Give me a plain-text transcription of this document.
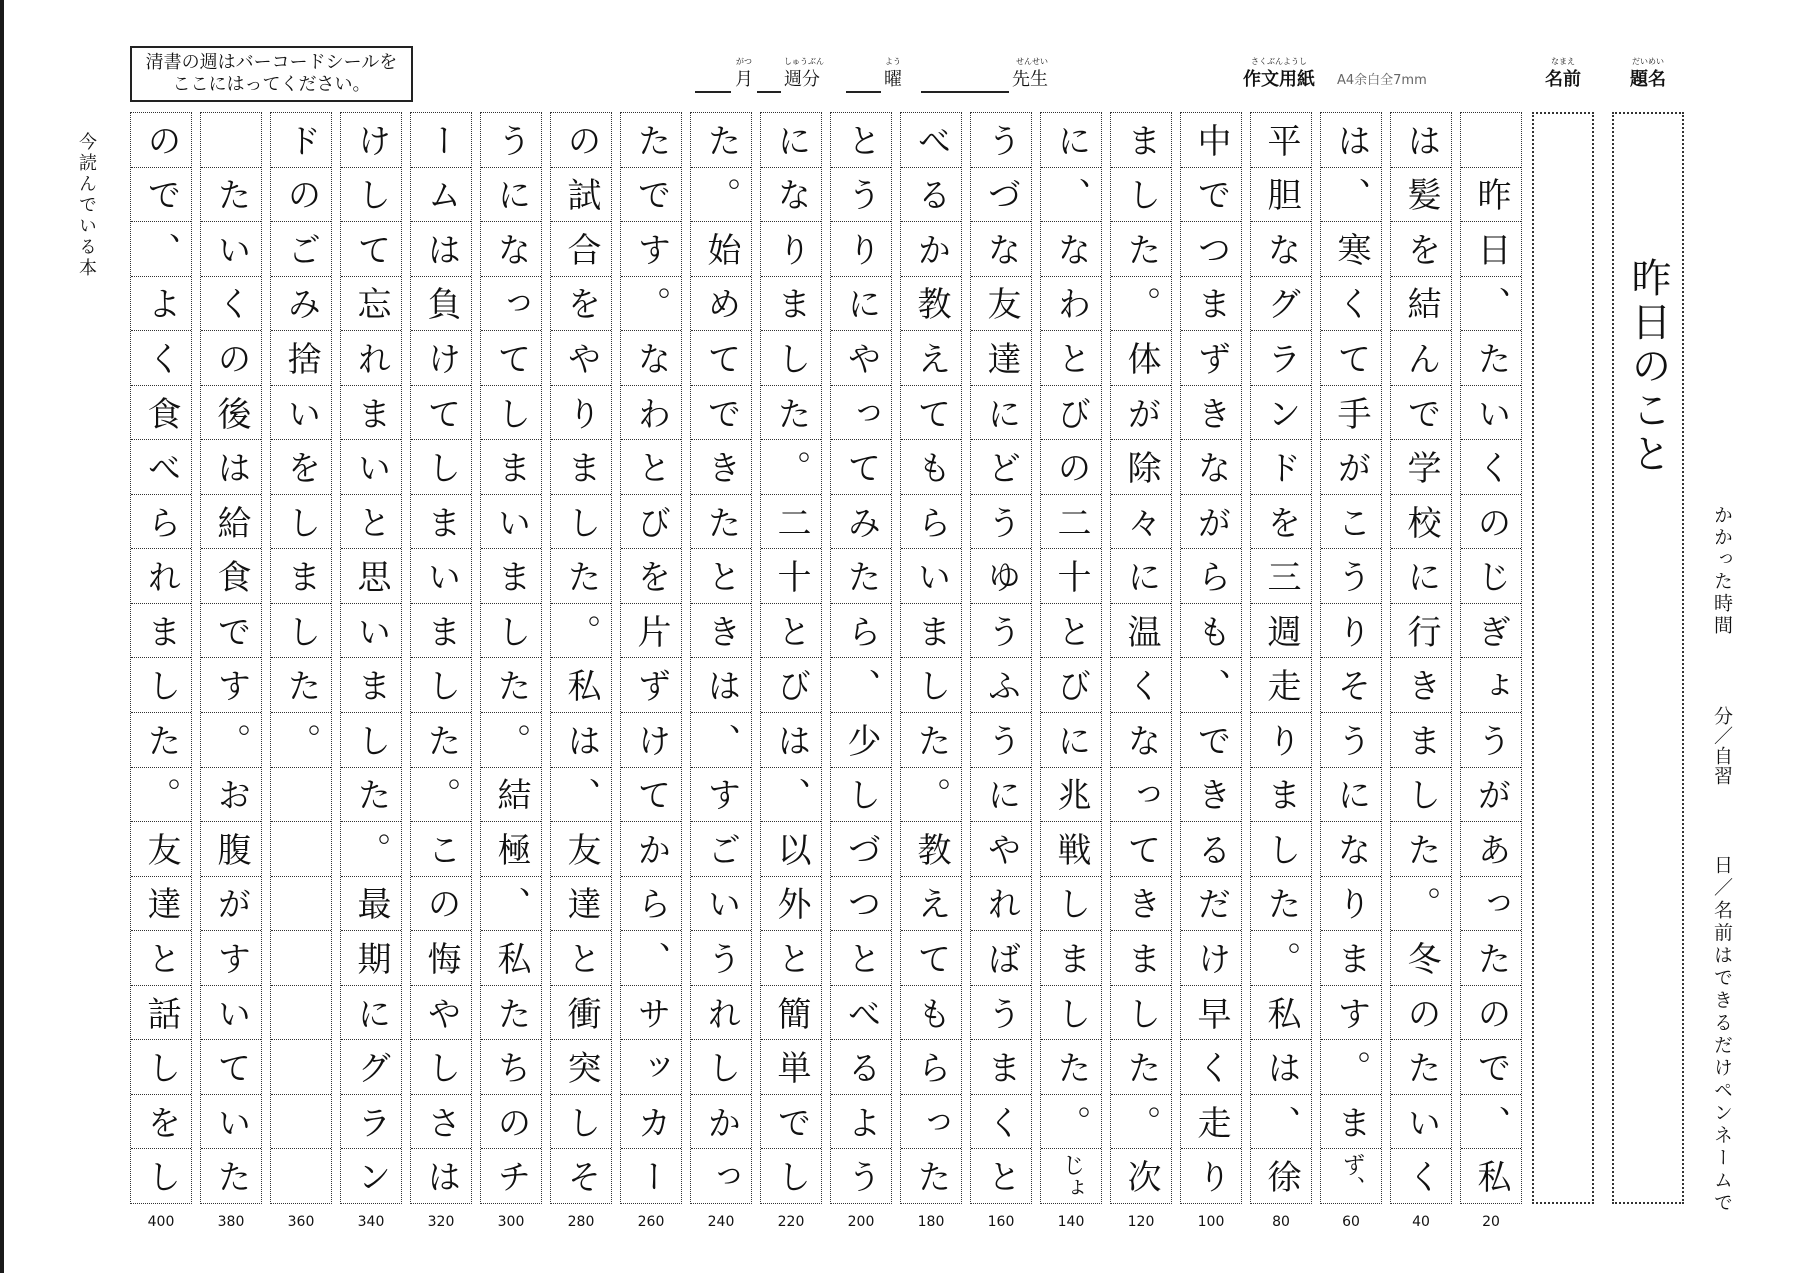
清書の週はバーコードシールを
ここにはってください。
がつ
月
しゅうぶん
週分
よう
曜
せんせい
先生
さくぶんようし
作文用紙 A4余白全7mm
なまえ
名前
だいめい
題名
今読んでいる本
かかった時間
分／自習
日／名前はできるだけペンネームで
昨
日
、
た
い
く
の
じ
ぎ
ょ
う
が
あ
っ
た
の
で
、
私
は
髪
を
結
ん
で
学
校
に
行
き
ま
し
た
。
冬
の
た
い
く
は
、
寒
く
て
手
が
こ
う
り
そ
う
に
な
り
ま
す
。
ま
ず、
平
胆
な
グ
ラ
ン
ド
を
三
週
走
り
ま
し
た
。
私
は
、
徐
中
で
つ
ま
ず
き
な
が
ら
も
、
で
き
る
だ
け
早
く
走
り
ま
し
た
。
体
が
除
々
に
温
く
な
っ
て
き
ま
し
た
。
次
に
、
な
わ
と
び
の
二
十
と
び
に
兆
戦
し
ま
し
た
。
じょ
う
づ
な
友
達
に
ど
う
ゆ
う
ふ
う
に
や
れ
ば
う
ま
く
と
べ
る
か
教
え
て
も
ら
い
ま
し
た
。
教
え
て
も
ら
っ
た
と
う
り
に
や
っ
て
み
た
ら
、
少
し
づ
つ
と
べ
る
よ
う
に
な
り
ま
し
た
。
二
十
と
び
は
、
以
外
と
簡
単
で
し
た
。
始
め
て
で
き
た
と
き
は
、
す
ご
い
う
れ
し
か
っ
た
で
す
。
な
わ
と
び
を
片
ず
け
て
か
ら
、
サ
ッ
カ
ー
の
試
合
を
や
り
ま
し
た
。
私
は
、
友
達
と
衝
突
し
そ
う
に
な
っ
て
し
ま
い
ま
し
た
。
結
極
、
私
た
ち
の
チ
ー
ム
は
負
け
て
し
ま
い
ま
し
た
。
こ
の
悔
や
し
さ
は
け
し
て
忘
れ
ま
い
と
思
い
ま
し
た
。
最
期
に
グ
ラ
ン
ド
の
ご
み
捨
い
を
し
ま
し
た
。
た
い
く
の
後
は
給
食
で
す
。
お
腹
が
す
い
て
い
た
の
で
、
よ
く
食
べ
ら
れ
ま
し
た
。
友
達
と
話
し
を
し
20
40
60
80
100
120
140
160
180
200
220
240
260
280
300
320
340
360
380
400
昨日のこと
